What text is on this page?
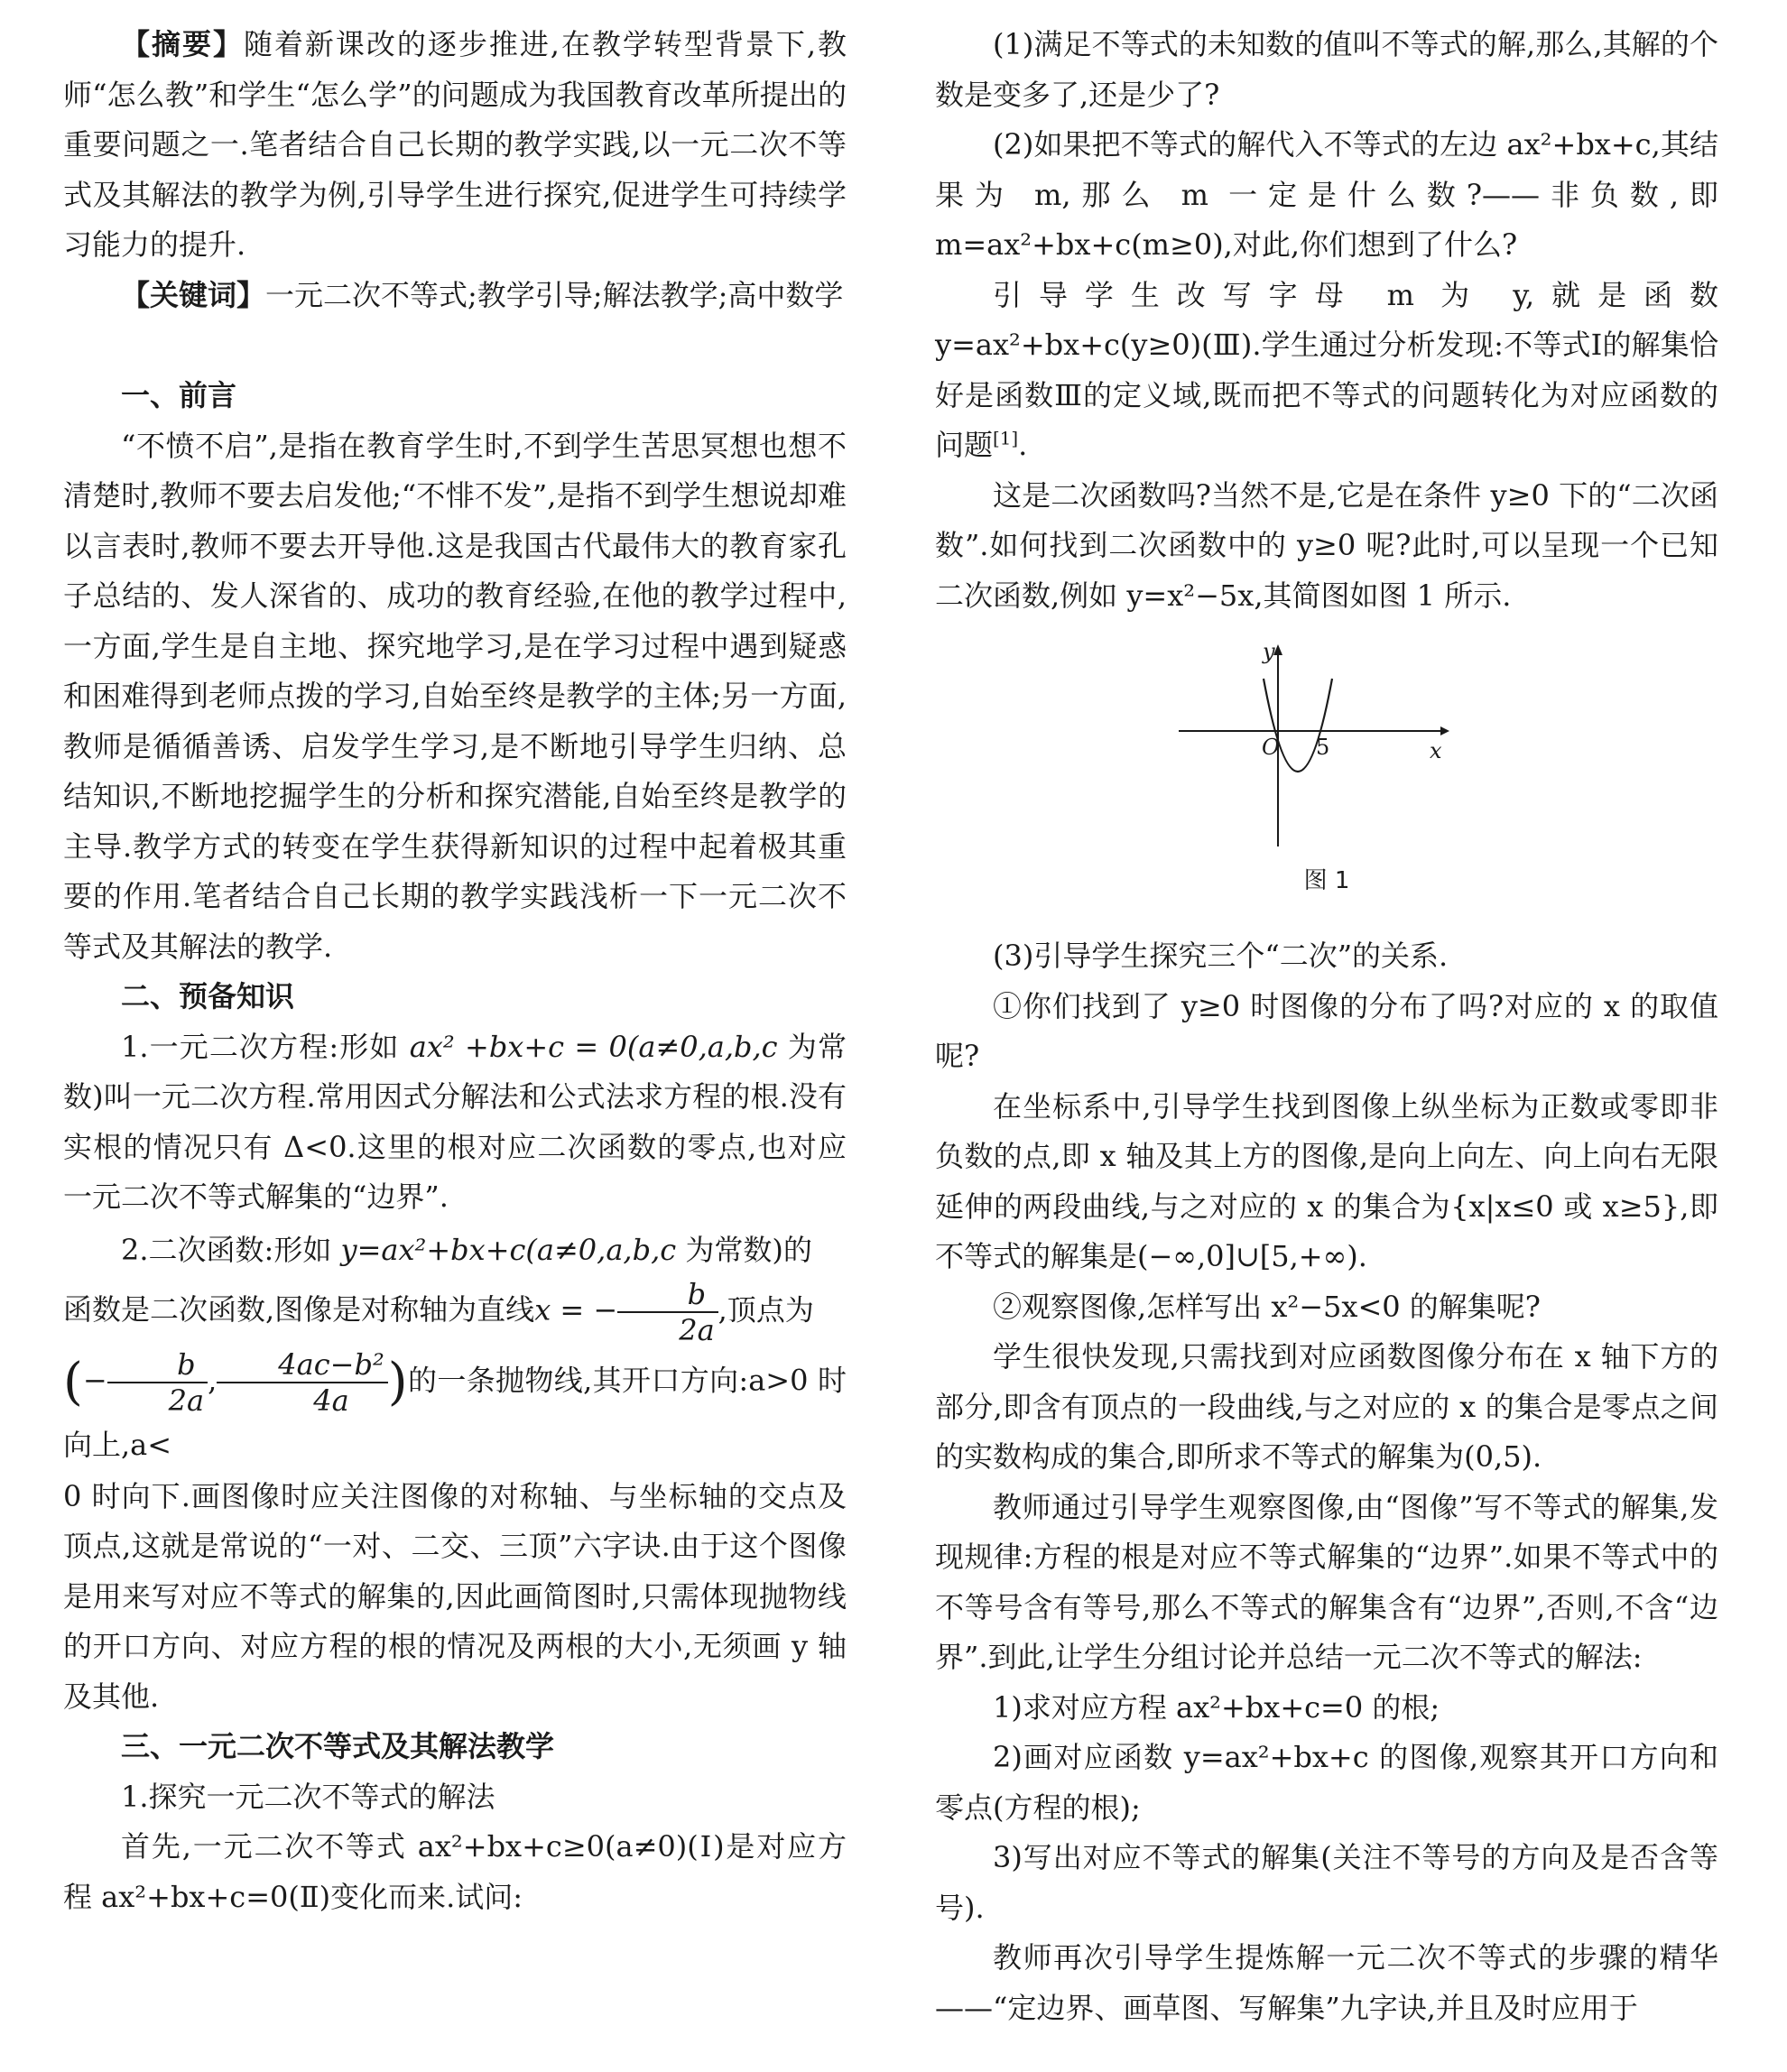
【摘要】随着新课改的逐步推进,在教学转型背景下,教师“怎么教”和学生“怎么学”的问题成为我国教育改革所提出的重要问题之一.笔者结合自己长期的教学实践,以一元二次不等式及其解法的教学为例,引导学生进行探究,促进学生可持续学习能力的提升.

【关键词】一元二次不等式;教学引导;解法教学;高中数学

一、前言

“不愤不启”,是指在教育学生时,不到学生苦思冥想也想不清楚时,教师不要去启发他;“不悱不发”,是指不到学生想说却难以言表时,教师不要去开导他.这是我国古代最伟大的教育家孔子总结的、发人深省的、成功的教育经验,在他的教学过程中,一方面,学生是自主地、探究地学习,是在学习过程中遇到疑惑和困难得到老师点拨的学习,自始至终是教学的主体;另一方面,教师是循循善诱、启发学生学习,是不断地引导学生归纳、总结知识,不断地挖掘学生的分析和探究潜能,自始至终是教学的主导.教学方式的转变在学生获得新知识的过程中起着极其重要的作用.笔者结合自己长期的教学实践浅析一下一元二次不等式及其解法的教学.

二、预备知识

1.一元二次方程:形如 ax² +bx+c = 0(a≠0,a,b,c 为常数)叫一元二次方程.常用因式分解法和公式法求方程的根.没有实根的情况只有 Δ<0.这里的根对应二次函数的零点,也对应一元二次不等式解集的“边界”.

2.二次函数:形如 y=ax²+bx+c(a≠0,a,b,c 为常数)的
函数是二次函数,图像是对称轴为直线x = − $\frac{b}{2a}$ ,顶点为
(− $\frac{b}{2a}$ , $\frac{\text{4ac−b²}}{4a}$ )的一条抛物线,其开口方向:a>0 时向上,a<

0 时向下.画图像时应关注图像的对称轴、与坐标轴的交点及顶点,这就是常说的“一对、二交、三顶”六字诀.由于这个图像是用来写对应不等式的解集的,因此画简图时,只需体现抛物线的开口方向、对应方程的根的情况及两根的大小,无须画 y 轴及其他.

三、一元二次不等式及其解法教学

1.探究一元二次不等式的解法

首先,一元二次不等式 ax²+bx+c≥0(a≠0)(Ⅰ)是对应方程 ax²+bx+c=0(Ⅱ)变化而来.试问:

(1)满足不等式的未知数的值叫不等式的解,那么,其解的个数是变多了,还是少了?

(2)如果把不等式的解代入不等式的左边 ax²+bx+c,其结果为 m,那么 m 一定是什么数?——非负数,即 m=ax²+bx+c(m≥0),对此,你们想到了什么?

引导学生改写字母 m 为 y,就是函数 y=ax²+bx+c(y≥0)(Ⅲ).学生通过分析发现:不等式Ⅰ的解集恰好是函数Ⅲ的定义域,既而把不等式的问题转化为对应函数的问题[1].

这是二次函数吗?当然不是,它是在条件 y≥0 下的“二次函数”.如何找到二次函数中的 y≥0 呢?此时,可以呈现一个已知二次函数,例如 y=x²−5x,其简图如图 1 所示.

y
x
O 5

图 1

(3)引导学生探究三个“二次”的关系.

①你们找到了 y≥0 时图像的分布了吗?对应的 x 的取值呢?

在坐标系中,引导学生找到图像上纵坐标为正数或零即非负数的点,即 x 轴及其上方的图像,是向上向左、向上向右无限延伸的两段曲线,与之对应的 x 的集合为{x|x≤0 或 x≥5},即不等式的解集是(−∞,0]∪[5,+∞).

②观察图像,怎样写出 x²−5x<0 的解集呢?

学生很快发现,只需找到对应函数图像分布在 x 轴下方的部分,即含有顶点的一段曲线,与之对应的 x 的集合是零点之间的实数构成的集合,即所求不等式的解集为(0,5).

教师通过引导学生观察图像,由“图像”写不等式的解集,发现规律:方程的根是对应不等式解集的“边界”.如果不等式中的不等号含有等号,那么不等式的解集含有“边界”,否则,不含“边界”.到此,让学生分组讨论并总结一元二次不等式的解法:

1)求对应方程 ax²+bx+c=0 的根;

2)画对应函数 y=ax²+bx+c 的图像,观察其开口方向和零点(方程的根);

3)写出对应不等式的解集(关注不等号的方向及是否含等号).

教师再次引导学生提炼解一元二次不等式的步骤的精华——“定边界、画草图、写解集”九字诀,并且及时应用于
